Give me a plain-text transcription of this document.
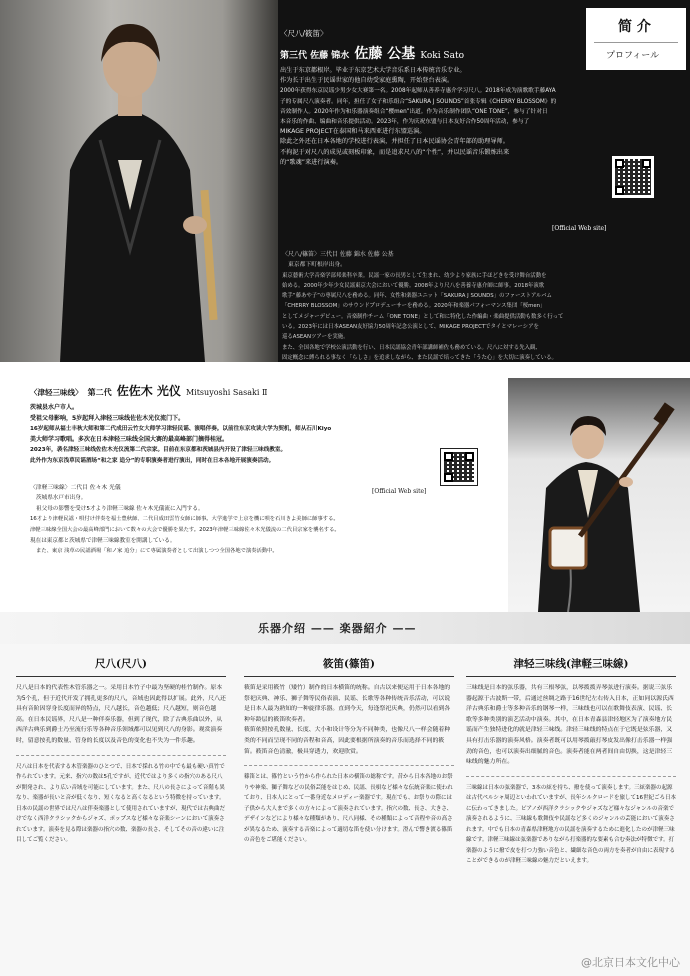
简 介
プロフィール
〈尺八/筱笛〉
第三代 佐藤 锦水 佐藤 公基 Koki Sato

出生于东京都根岸。毕业于东京艺术大学音乐系日本传统音乐专业。

作为长于出生于民谣世家的他自幼受家庭熏陶，开始登台表演。

2000年获得东京民谣少男少女大赛第一名。2008年起师从善养寺惠介学习尺八。2018年成为演歌歌手藤AYA

子的专属尺八演奏者。同年，担任了女子和乐组合“SAKURA J SOUNDS”首张专辑《CHERRY BLOSSOM》的

音效制作人。2020年作为和乐器演奏组合“樱men”出道。作为音乐制作团队“ONE TONE”，参与了针对日

本音乐的作曲、编曲和音乐提供活动。2023年，作为庆祝东盟与日本友好合作50周年活动，参与了

MIKAGE PROJECT在泰国和马来西亚进行东盟巡演。

除此之外还在日本各地的学校进行表演，并担任了日本民谣协会青年部的助理导师。

不拘泥于对尺八的成见或刻板印象，而是追求尺八的“个性”，并以民谣音乐锻炼出来

的“歌魂”来进行演奏。

[Official Web site]

〈尺八/篠笛〉三代目 佐藤 錦水 佐藤 公基

東京都下町根岸出身。

東京藝術大学音楽学部邦楽科卒業。民謡一家の長男として生まれ、幼少より家族に手ほどきを受け舞台活動を

始める。2000年少年少女民謡東京大会において優勝。2008年より尺八を善養寺惠介師に師事。2018年演歌

歌手“藤あや子”の専属尺八を務める。同年、女性和楽器ユニット「SAKURA J SOUNDS」のファーストアルバム

「CHERRY BLOSSOM」のサウンドプロデューサーを務める。2020年和楽器パフォーマンス集団「桜men」

としてメジャーデビュー。音楽制作チーム「ONE TONE」として和に特化した作編曲・楽曲提供活動も数多く行って

いる。2023年には日本ASEAN友好協力50周年記念公演として、MIKAGE PROJECTでタイとマレーシアを

巡るASEANツアーを実施。

また、全国各地で学校公演活動を行い、日本民謡協会青年部講師補佐も務めている。尺八に対する先入観、

固定概念に縛られる事なく「らしさ」を追求しながら、また民謡で培ってきた「うた心」を大切に演奏している。

〈津轻三味线〉 第二代 佐佐木 光仪 Mitsuyoshi Sasaki Ⅱ

茨城县水户市人。

受祖父母影响，5岁起拜入津轻三味线佐佐木光仪流门下。

16岁起师从福士丰秋大师和第二代成田云竹女大师学习津轻民谣、演唱伴奏。以前往东京攻读大学为契机，师从石川Kiyo

美大师学习歌唱。多次在日本津轻三味线全国大赛的最高峰部门摘得桂冠。

2023年，袭名津轻三味线佐佐木光仪流第二代宗家。目前在东京都和茨城县内开设了津轻三味线教室。

此外作为东京浅草民谣酒场“和之家 追分”的专职演奏者进行演出，同时在日本各地开展演奏活动。

〈津軽三味線〉二代目 佐々木 光儀

茨城県水戸市出身。

祖父母の影響を受け5才より津軽三味線 佐々木光儀流に入門する。

16才より津軽民謡・唄付け伴奏を福士豊秋師、二代目成田雲竹女師に師事。大学進学で上京を機に唄を石川きよ美師に師事する。

津軽三味線全国大会の最高峰部門において数々の大会で優勝を果たす。2023年津軽三味線佐々木光儀流の二代目宗家を襲名する。

現在は東京都と茨城県で津軽三味線教室を開講している。

また、東京 浅草の民謡酒場「和ノ家 追分」にて専属演奏者として出演しつつ全国各地で演奏活動中。

[Official Web site]
乐器介绍 —— 楽器紹介 ——
尺八(尺八)
尺八是日本的代表性木管乐器之一。采用日本竹子中最为坚硬的桂竹制作。原本为5个孔，但于近代开发了拥孔更多的尺八，音域也因此得以扩展。此外，尺八还具有音阶因穿身长度而异的特点，尺八越长，音色越低；尺八越短，则音色越高。在日本民谣界，尺八是一种伴奏乐器，但到了现代，除了古典乐曲以外，从西洋古典乐到爵士乃至流行乐等各种音乐领域都可以见到尺八的身影。观赏演奏时，留意按孔的数量、管身的长度以及音色的变化也不失为一件乐趣。
尺八は日本を代表する木管楽器のひとつで、日本で採れる竹の中でも最も硬い真竹で作られています。元来、指穴の数は5孔ですが、近代ではより多くの指穴のある尺八が開発され、より広い音域を可能にしています。また、尺八の長さによって音階も異なり、楽器が長いと音が低くなり、短くなると高くなるという特徴を持っています。日本の民謡の世界では尺八は伴奏楽器として使用されていますが、現代では古典曲だけでなく西洋クラシックからジャズ、ポップスなど様々な音楽シーンにおいて演奏されています。演奏を見る際は楽器の指穴の数、楽器の長さ、そしてその音の違いに注目してご覧ください。
筱笛(篠笛)
筱笛是采用筱竹（矮竹）制作的日本横笛的统称。自古以来便运用于日本各地的祭祀庆典、神乐、狮子舞等民俗表演、民谣、长歌等各种传统音乐活动，可以说是日本人最为熟知的一种旋律乐器。直到今天，每逢祭祀庆典，仍然可以看到各种年龄层的筱笛吹奏者。
筱笛依照按孔数量、长度、大小和设计等分为不同种类，也像尺八一样会随着种类的不同而呈现不同的音程和音高，因此要根据所演奏的音乐而选择不同的筱笛。筱笛音色清澈，极具穿透力，欢迎欣赏。
篠笛とは、篠竹という竹から作られた日本の横笛の総称です。昔から日本各地のお祭りや神楽、獅子舞などの民俗芸能をはじめ、民謡、長唄など様々な伝統音楽に使われており、日本人にとって一番身近なメロディー楽器です。現在でも、お祭りの際には子供から大人まで多くの方々によって演奏されています。指穴の数、長さ、大きさ、デザインなどにより様々な種類があり、尺八同様、その種類によって音程や音の高さが異なるため、演奏する音楽によって適切な笛を使い分けます。澄んで響き渡る篠笛の音色をご堪能ください。
津轻三味线(津軽三味線)
三味线是日本的弦乐器，共有三根琴弦，以琴拨拨弄琴弦进行演奏。据说三弦乐器起源于古波斯一带，后通过丝绸之路于16世纪左右传入日本，正如同以源氏西洋古典乐和爵士等多种音乐的钢琴一样，三味线也可以在歌舞伎表演、民谣、长歌等多种类别的演艺活动中演奏。其中，在日本青森县津轻地区为了演奏地方民谣而产生独特进化的就是津轻三味线。津轻三味线的特点在于它既是弦乐器，又具有打击乐器的演奏风格。演奏者既可以用琴拨敲打琴皮发出像打击乐器一样强劲的音色，也可以演奏出细腻的音色。演奏者能在两者间自由切换，这是津轻三味线的魅力所在。
三味線は日本の弦楽器で、3本の絃を持ち、撥を使って演奏します。三絃楽器の起源は古代ペルシャ周辺といわれていますが、長年シルクロードを旅して16世紀ごろ日本に伝わってきました。ピアノが西洋クラシックやジャズなど様々なジャンルの音楽で演奏されるように、三味線も歌舞伎や民謡など多くのジャンルの芸能において演奏されます。中でも日本の青森県津軽地方の民謡を演奏するために進化したのが津軽三味線です。津軽三味線は弦楽器でありながら打楽器的な要素も合む奏法が特徴です。打楽器のように撥で皮を打つ力強い音色と、繊細な音色の両方を奏者が自由に表現することができるのが津軽三味線の魅力だといえます。
@北京日本文化中心
